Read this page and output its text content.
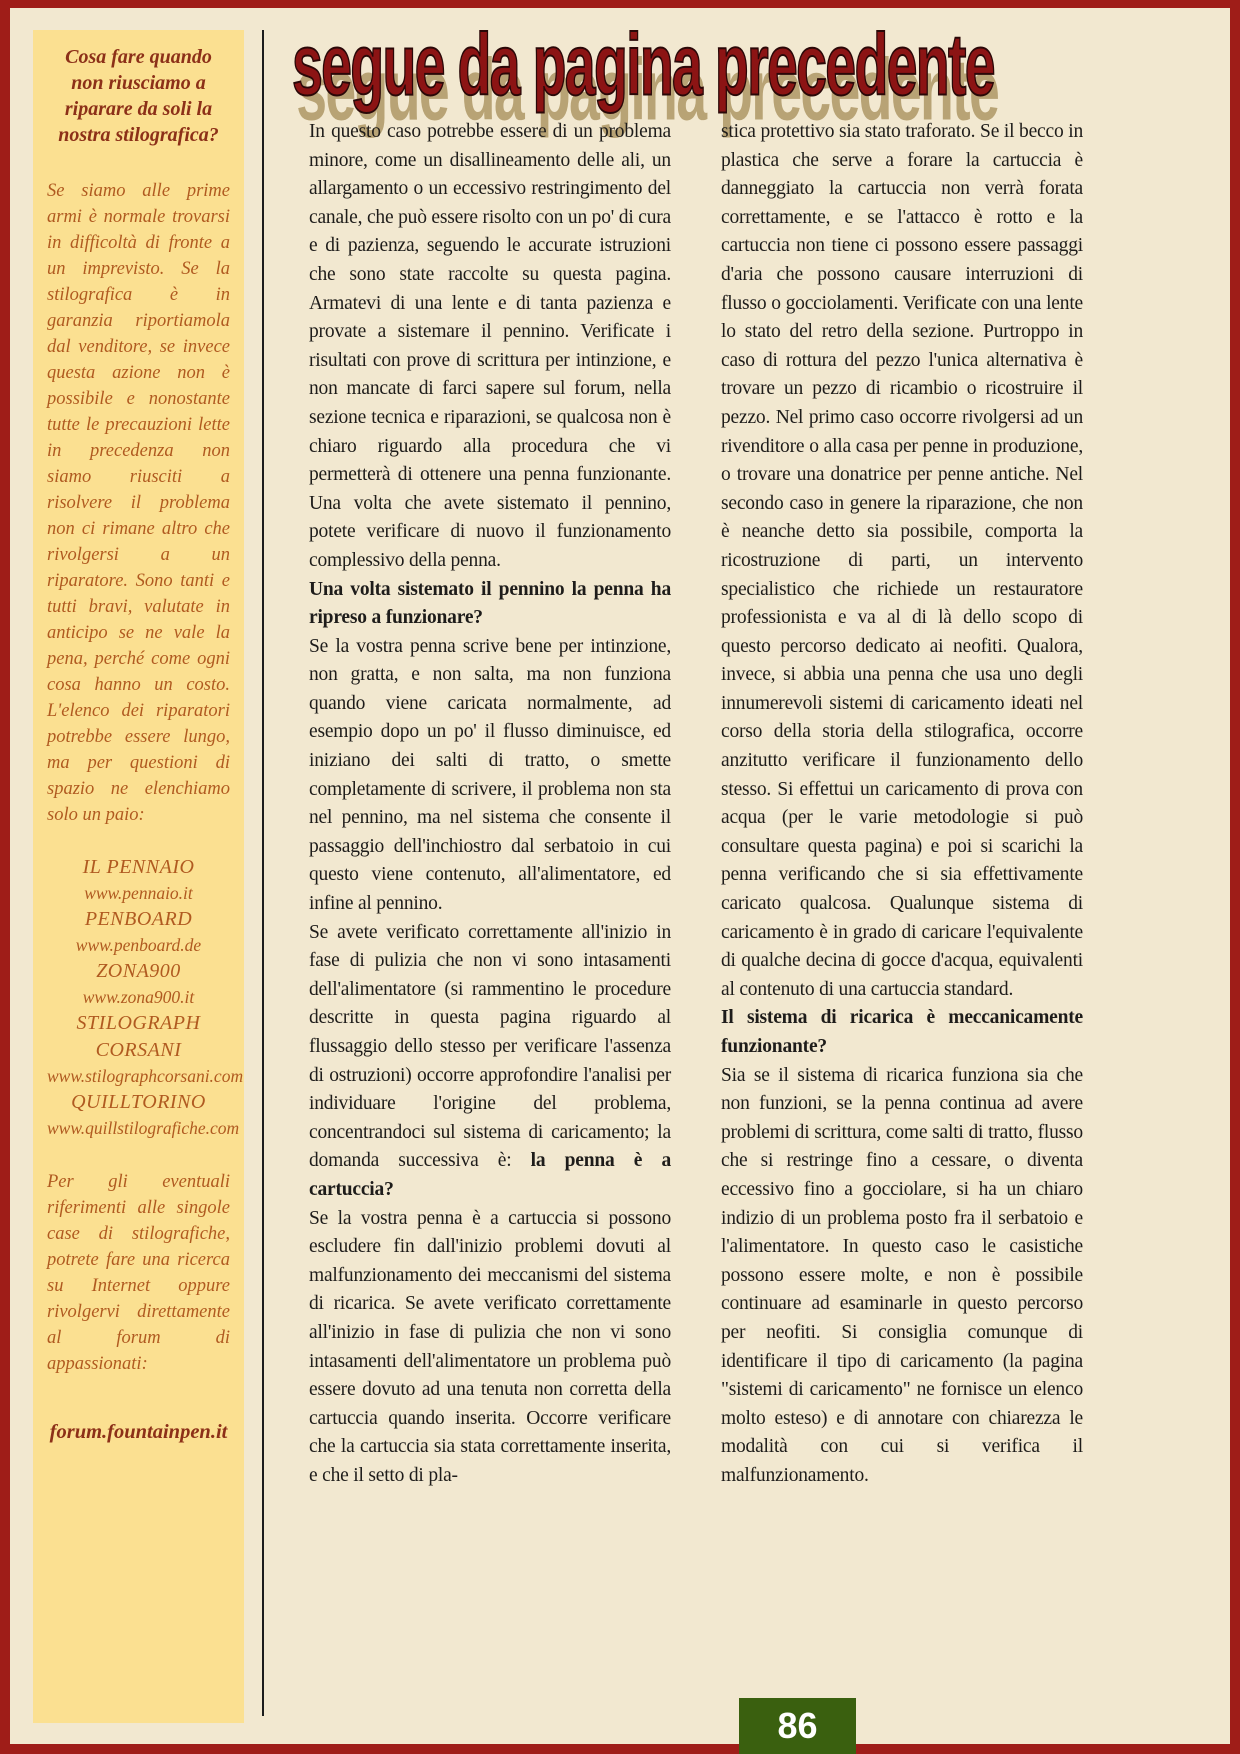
segue da pagina precedente
Cosa fare quando non riusciamo a riparare da soli la nostra stilografica?

Se siamo alle prime armi è normale trovarsi in difficoltà di fronte a un imprevisto. Se la stilografica è in garanzia riportiamola dal venditore, se invece questa azione non è possibile e nonostante tutte le precauzioni lette in precedenza non siamo riusciti a risolvere il problema non ci rimane altro che rivolgersi a un riparatore. Sono tanti e tutti bravi, valutate in anticipo se ne vale la pena, perché come ogni cosa hanno un costo. L'elenco dei riparatori potrebbe essere lungo, ma per questioni di spazio ne elenchiamo solo un paio:

IL PENNAIO
www.pennaio.it
PENBOARD
www.penboard.de
ZONA900
www.zona900.it
STILOGRAPH CORSANI
www.stilographcorsani.com
QUILLTORINO
www.quillstilografiche.com

Per gli eventuali riferimenti alle singole case di stilografiche, potrete fare una ricerca su Internet oppure rivolgervi direttamente al forum di appassionati:

forum.fountainpen.it

In questo caso potrebbe essere di un problema minore, come un disallineamento delle ali, un allargamento o un eccessivo restringimento del canale, che può essere risolto con un po' di cura e di pazienza, seguendo le accurate istruzioni che sono state raccolte su questa pagina. Armatevi di una lente e di tanta pazienza e provate a sistemare il pennino. Verificate i risultati con prove di scrittura per intinzione, e non mancate di farci sapere sul forum, nella sezione tecnica e riparazioni, se qualcosa non è chiaro riguardo alla procedura che vi permetterà di ottenere una penna funzionante. Una volta che avete sistemato il pennino, potete verificare di nuovo il funzionamento complessivo della penna.

Una volta sistemato il pennino la penna ha ripreso a funzionare?

Se la vostra penna scrive bene per intinzione, non gratta, e non salta, ma non funziona quando viene caricata normalmente, ad esempio dopo un po' il flusso diminuisce, ed iniziano dei salti di tratto, o smette completamente di scrivere, il problema non sta nel pennino, ma nel sistema che consente il passaggio dell'inchiostro dal serbatoio in cui questo viene contenuto, all'alimentatore, ed infine al pennino.

Se avete verificato correttamente all'inizio in fase di pulizia che non vi sono intasamenti dell'alimentatore (si rammentino le procedure descritte in questa pagina riguardo al flussaggio dello stesso per verificare l'assenza di ostruzioni) occorre approfondire l'analisi per individuare l'origine del problema, concentrandoci sul sistema di caricamento; la domanda successiva è: la penna è a cartuccia?

Se la vostra penna è a cartuccia si possono escludere fin dall'inizio problemi dovuti al malfunzionamento dei meccanismi del sistema di ricarica. Se avete verificato correttamente all'inizio in fase di pulizia che non vi sono intasamenti dell'alimentatore un problema può essere dovuto ad una tenuta non corretta della cartuccia quando inserita. Occorre verificare che la cartuccia sia stata correttamente inserita, e che il setto di pla-

stica protettivo sia stato traforato. Se il becco in plastica che serve a forare la cartuccia è danneggiato la cartuccia non verrà forata correttamente, e se l'attacco è rotto e la cartuccia non tiene ci possono essere passaggi d'aria che possono causare interruzioni di flusso o gocciolamenti. Verificate con una lente lo stato del retro della sezione. Purtroppo in caso di rottura del pezzo l'unica alternativa è trovare un pezzo di ricambio o ricostruire il pezzo. Nel primo caso occorre rivolgersi ad un rivenditore o alla casa per penne in produzione, o trovare una donatrice per penne antiche. Nel secondo caso in genere la riparazione, che non è neanche detto sia possibile, comporta la ricostruzione di parti, un intervento specialistico che richiede un restauratore professionista e va al di là dello scopo di questo percorso dedicato ai neofiti. Qualora, invece, si abbia una penna che usa uno degli innumerevoli sistemi di caricamento ideati nel corso della storia della stilografica, occorre anzitutto verificare il funzionamento dello stesso. Si effettui un caricamento di prova con acqua (per le varie metodologie si può consultare questa pagina) e poi si scarichi la penna verificando che si sia effettivamente caricato qualcosa. Qualunque sistema di caricamento è in grado di caricare l'equivalente di qualche decina di gocce d'acqua, equivalenti al contenuto di una cartuccia standard.

Il sistema di ricarica è meccanicamente funzionante?

Sia se il sistema di ricarica funziona sia che non funzioni, se la penna continua ad avere problemi di scrittura, come salti di tratto, flusso che si restringe fino a cessare, o diventa eccessivo fino a gocciolare, si ha un chiaro indizio di un problema posto fra il serbatoio e l'alimentatore. In questo caso le casistiche possono essere molte, e non è possibile continuare ad esaminarle in questo percorso per neofiti. Si consiglia comunque di identificare il tipo di caricamento (la pagina "sistemi di caricamento" ne fornisce un elenco molto esteso) e di annotare con chiarezza le modalità con cui si verifica il malfunzionamento.

86
